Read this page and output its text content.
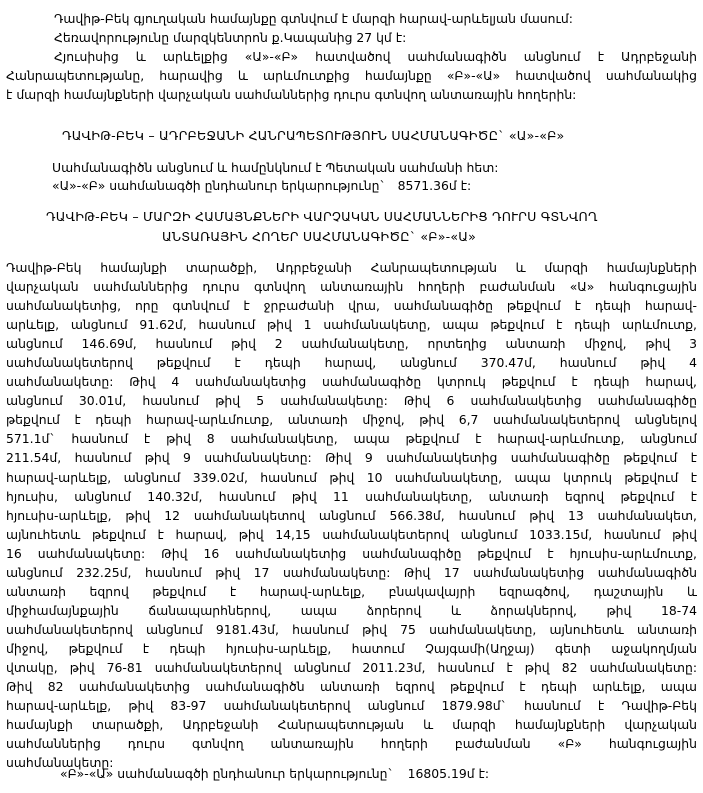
Դավիթ-Բեկ գյուղական համայնքը գտնվում է մարզի հարավ-արևելյան մասում:
Հեռավորությունը մարզկենտրոն ք.Կապանից 27 կմ է:
Հյուսիսից և արևելքից «Ա»-«Բ» հատվածով սահմանագիծն անցնում է Ադրբեջանի
Հանրապետությանը, հարավից և արևմուտքից համայնքը «Բ»-«Ա» հատվածով սահմանակից
է մարզի համայնքների վարչական սահմաններից դուրս գտնվող անտառային հողերին:
ԴԱՎԻԹ-ԲԵԿ – ԱԴՐԲԵՋԱՆԻ ՀԱՆՐԱՊԵՏՈՒԹՅՈՒՆ ՍԱՀՄԱՆԱԳԻԾԸ` «Ա»-«Բ»
Սահմանագիծն անցնում և համընկնում է Պետական սահմանի հետ:
«Ա»-«Բ» սահմանագծի ընդհանուր երկարությունը` 8571.36մ է:
ԴԱՎԻԹ-ԲԵԿ – ՄԱՐԶԻ ՀԱՄԱՅՆՔՆԵՐԻ ՎԱՐՉԱԿԱՆ ՍԱՀՄԱՆՆԵՐԻՑ ԴՈՒՐՍ ԳՏՆՎՈՂ
ԱՆՏԱՌԱՅԻՆ ՀՈՂԵՐ ՍԱՀՄԱՆԱԳԻԾԸ` «Բ»-«Ա»
Դավիթ-Բեկ համայնքի տարածքի, Ադրբեջանի Հանրապետության և մարզի համայնքների
վարչական սահմաններից դուրս գտնվող անտառային հողերի բաժանման «Ա» հանգուցային
սահմանակետից, որը գտնվում է ջրբաժանի վրա, սահմանագիծը թեքվում է դեպի հարավ-
արևելք, անցնում 91.62մ, հասնում թիվ 1 սահմանակետը, ապա թեքվում է դեպի արևմուտք,
անցնում 146.69մ, հասնում թիվ 2 սահմանակետը, որտեղից անտառի միջով, թիվ 3
սահմանակետերով թեքվում է դեպի հարավ, անցնում 370.47մ, հասնում թիվ 4
սահմանակետը: Թիվ 4 սահմանակետից սահմանագիծը կտրուկ թեքվում է դեպի հարավ,
անցնում 30.01մ, հասնում թիվ 5 սահմանակետը: Թիվ 6 սահմանակետից սահմանագիծը
թեքվում է դեպի հարավ-արևմուտք, անտառի միջով, թիվ 6,7 սահմանակետերով անցնելով
571.1մ` հասնում է թիվ 8 սահմանակետը, ապա թեքվում է հարավ-արևմուտք, անցնում
211.54մ, հասնում թիվ 9 սահմանակետը: Թիվ 9 սահմանակետից սահմանագիծը թեքվում է
հարավ-արևելք, անցնում 339.02մ, հասնում թիվ 10 սահմանակետը, ապա կտրուկ թեքվում է
հյուսիս, անցնում 140.32մ, հասնում թիվ 11 սահմանակետը, անտառի եզրով թեքվում է
հյուսիս-արևելք, թիվ 12 սահմանակետով անցնում 566.38մ, հասնում թիվ 13 սահմանակետ,
այնուհետև թեքվում է հարավ, թիվ 14,15 սահմանակետերով անցնում 1033.15մ, հասնում թիվ
16 սահմանակետը: Թիվ 16 սահմանակետից սահմանագիծը թեքվում է հյուսիս-արևմուտք,
անցնում 232.25մ, հասնում թիվ 17 սահմանակետը: Թիվ 17 սահմանակետից սահմանագիծն
անտառի եզրով թեքվում է հարավ-արևելք, բնակավայրի եզրագծով, դաշտային և
միջհամայնքային ճանապարհներով, ապա ձորերով և ձորակներով, թիվ 18-74
սահմանակետերով անցնում 9181.43մ, հասնում թիվ 75 սահմանակետը, այնուհետև անտառի
միջով, թեքվում է դեպի հյուսիս-արևելք, հատում Չայգամի(Աղջայ) գետի աջակողմյան
վտակը, թիվ 76-81 սահմանակետերով անցնում 2011.23մ, հասնում է թիվ 82 սահմանակետը:
Թիվ 82 սահմանակետից սահմանագիծն անտառի եզրով թեքվում է դեպի արևելք, ապա
հարավ-արևելք, թիվ 83-97 սահմանակետերով անցնում 1879.98մ` հասնում է Դավիթ-Բեկ
համայնքի տարածքի, Ադրբեջանի Հանրապետության և մարզի համայնքների վարչական
սահմաններից դուրս գտնվող անտառային հողերի բաժանման «Բ» հանգուցային
սահմանակետը:
«Բ»-«Ա» սահմանագծի ընդհանուր երկարությունը` 16805.19մ է:
